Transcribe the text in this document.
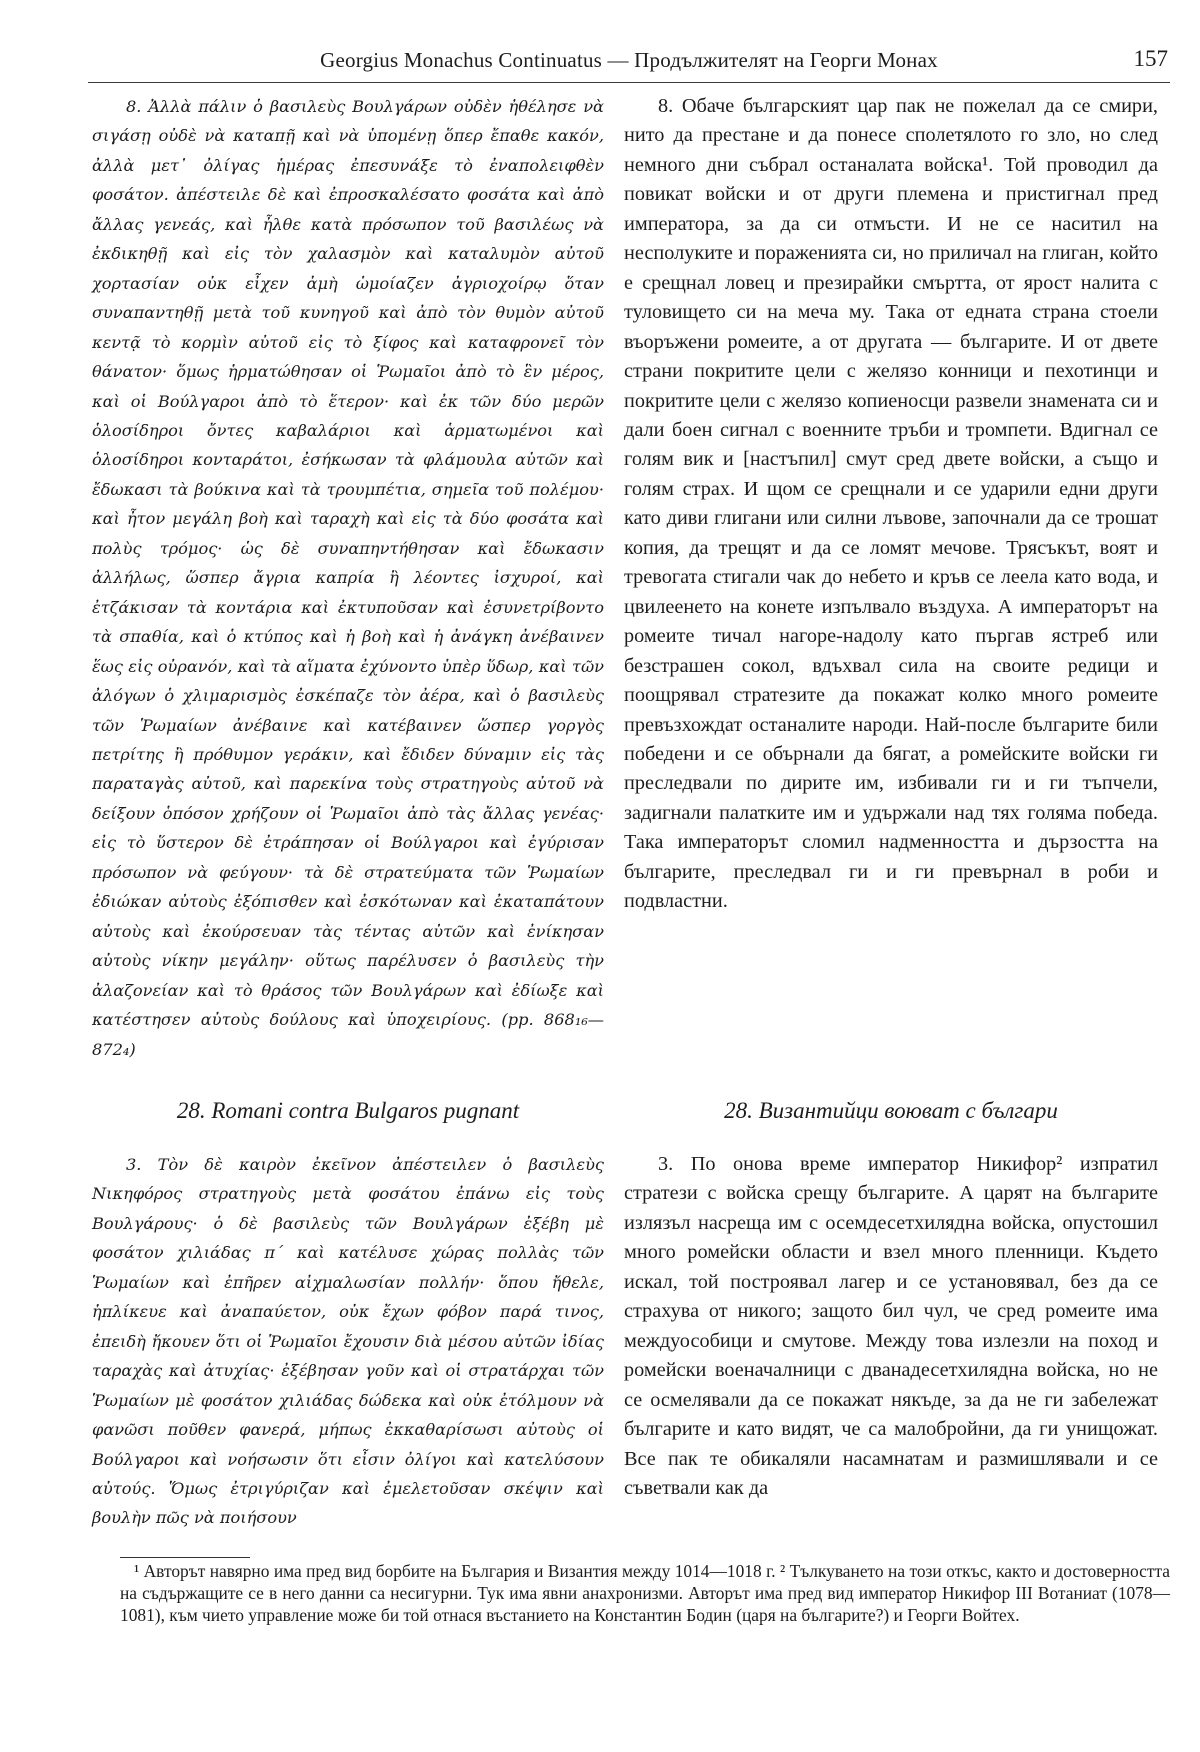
Georgius Monachus Continuatus — Продължителят на Георги Монах	157

8. Ἀλλὰ πάλιν ὁ βασιλεὺς Βουλγάρων οὐδὲν ἠθέλησε νὰ σιγάσῃ οὐδὲ νὰ καταπῇ καὶ νὰ ὑπομένῃ ὅπερ ἔπαθε κακόν, ἀλλὰ μετ᾿ ὀλίγας ἡμέρας ἐπεσυνάξε τὸ ἐναπολειφθὲν φοσάτον. ἀπέστειλε δὲ καὶ ἐπροσκαλέσατο φοσάτα καὶ ἀπὸ ἄλλας γενεάς, καὶ ἦλθε κατὰ πρόσωπον τοῦ βασιλέως νὰ ἐκδικηθῇ καὶ εἰς τὸν χαλασμὸν καὶ καταλυμὸν αὐτοῦ χορτασίαν οὐκ εἶχεν ἀμὴ ὡμοίαζεν ἀγριοχοίρῳ ὅταν συναπαντηθῇ μετὰ τοῦ κυνηγοῦ καὶ ἀπὸ τὸν θυμὸν αὐτοῦ κεντᾷ τὸ κορμὶν αὐτοῦ εἰς τὸ ξίφος καὶ καταφρονεῖ τὸν θάνατον· ὅμως ἡρματώθησαν οἱ Ῥωμαῖοι ἀπὸ τὸ ἓν μέρος, καὶ οἱ Βούλγαροι ἀπὸ τὸ ἕτερον· καὶ ἐκ τῶν δύο μερῶν ὁλοσίδηροι ὄντες καβαλάριοι καὶ ἁρματωμένοι καὶ ὁλοσίδηροι κονταράτοι, ἐσήκωσαν τὰ φλάμουλα αὐτῶν καὶ ἔδωκασι τὰ βούκινα καὶ τὰ τρουμπέτια, σημεῖα τοῦ πολέμου· καὶ ἦτον μεγάλη βοὴ καὶ ταραχὴ καὶ εἰς τὰ δύο φοσάτα καὶ πολὺς τρόμος· ὡς δὲ συναπηντήθησαν καὶ ἔδωκασιν ἀλλήλως, ὥσπερ ἄγρια καπρία ἢ λέοντες ἰσχυροί, καὶ ἐτζάκισαν τὰ κοντάρια καὶ ἐκτυποῦσαν καὶ ἐσυνετρίβοντο τὰ σπαθία, καὶ ὁ κτύπος καὶ ἡ βοὴ καὶ ἡ ἀνάγκη ἀνέβαινεν ἕως εἰς οὐρανόν, καὶ τὰ αἵματα ἐχύνοντο ὑπὲρ ὕδωρ, καὶ τῶν ἀλόγων ὁ χλιμαρισμὸς ἐσκέπαζε τὸν ἀέρα, καὶ ὁ βασιλεὺς τῶν Ῥωμαίων ἀνέβαινε καὶ κατέβαινεν ὥσπερ γοργὸς πετρίτης ἢ πρόθυμον γεράκιν, καὶ ἔδιδεν δύναμιν εἰς τὰς παραταγὰς αὐτοῦ, καὶ παρεκίνα τοὺς στρατηγοὺς αὐτοῦ νὰ δείξουν ὁπόσον χρήζουν οἱ Ῥωμαῖοι ἀπὸ τὰς ἄλλας γενέας· εἰς τὸ ὕστερον δὲ ἐτράπησαν οἱ Βούλγαροι καὶ ἐγύρισαν πρόσωπον νὰ φεύγουν· τὰ δὲ στρατεύματα τῶν Ῥωμαίων ἐδιώκαν αὐτοὺς ἐξόπισθεν καὶ ἐσκότωναν καὶ ἐκαταπάτουν αὐτοὺς καὶ ἐκούρσευαν τὰς τέντας αὐτῶν καὶ ἐνίκησαν αὐτοὺς νίκην μεγάλην· οὕτως παρέλυσεν ὁ βασιλεὺς τὴν ἀλαζονείαν καὶ τὸ θράσος τῶν Βουλγάρων καὶ ἐδίωξε καὶ κατέστησεν αὐτοὺς δούλους καὶ ὑποχειρίους. (pp. 868₁₆—872₄)

8. Обаче българският цар пак не пожелал да се смири, нито да престане и да понесе сполетялото го зло, но след немного дни събрал останалата войска¹. Той проводил да повикат войски и от други племена и пристигнал пред императора, за да си отмъсти. И не се наситил на несполуките и пораженията си, но приличал на глиган, който е срещнал ловец и презирайки смъртта, от ярост налита с туловището си на меча му. Така от едната страна стоели въоръжени ромеите, а от другата — българите. И от двете страни покритите цели с желязо конници и пехотинци и покритите цели с желязо копиеносци развели знамената си и дали боен сигнал с военните тръби и тромпети. Вдигнал се голям вик и [настъпил] смут сред двете войски, а също и голям страх. И щом се срещнали и се ударили едни други като диви глигани или силни лъвове, започнали да се трошат копия, да трещят и да се ломят мечове. Трясъкът, воят и тревогата стигали чак до небето и кръв се леела като вода, и цвилеенето на конете изпълвало въздуха. А императорът на ромеите тичал нагоре-надолу като пъргав ястреб или безстрашен сокол, вдъхвал сила на своите редици и поощрявал стратезите да покажат колко много ромеите превъзхождат останалите народи. Най-после българите били победени и се обърнали да бягат, а ромейските войски ги преследвали по дирите им, избивали ги и ги тъпчели, задигнали палатките им и удържали над тях голяма победа. Така императорът сломил надменността и дързостта на българите, преследвал ги и ги превърнал в роби и подвластни.

28. Romani contra Bulgaros pugnant	28. Византийци воюват с българи

3. Τὸν δὲ καιρὸν ἐκεῖνον ἀπέστειλεν ὁ βασιλεὺς Νικηφόρος στρατηγοὺς μετὰ φοσάτου ἐπάνω εἰς τοὺς Βουλγάρους· ὁ δὲ βασιλεὺς τῶν Βουλγάρων ἐξέβη μὲ φοσάτον χιλιάδας π´ καὶ κατέλυσε χώρας πολλὰς τῶν Ῥωμαίων καὶ ἐπῆρεν αἰχμαλωσίαν πολλήν· ὅπου ἤθελε, ἡπλίκευε καὶ ἀναπαύετον, οὐκ ἔχων φόβον παρά τινος, ἐπειδὴ ἤκουεν ὅτι οἱ Ῥωμαῖοι ἔχουσιν διὰ μέσου αὐτῶν ἰδίας ταραχὰς καὶ ἀτυχίας· ἐξέβησαν γοῦν καὶ οἱ στρατάρχαι τῶν Ῥωμαίων μὲ φοσάτον χιλιάδας δώδεκα καὶ οὐκ ἐτόλμουν νὰ φανῶσι ποῦθεν φανερά, μήπως ἐκκαθαρίσωσι αὐτοὺς οἱ Βούλγαροι καὶ νοήσωσιν ὅτι εἶσιν ὀλίγοι καὶ κατελύσουν αὐτούς. Ὅμως ἐτριγύριζαν καὶ ἐμελετοῦσαν σκέψιν καὶ βουλὴν πῶς νὰ ποιήσουν

3. По онова време император Никифор² изпратил стратези с войска срещу българите. А царят на българите излязъл насреща им с осемдесетхилядна войска, опустошил много ромейски области и взел много пленници. Където искал, той построявал лагер и се установявал, без да се страхува от никого; защото бил чул, че сред ромеите има междуособици и смутове. Между това излезли на поход и ромейски военачалници с дванадесетхилядна войска, но не се осмелявали да се покажат някъде, за да не ги забележат българите и като видят, че са малобройни, да ги унищожат. Все пак те обикаляли насамнатам и размишлявали и се съветвали как да

¹ Авторът навярно има пред вид борбите на България и Византия между 1014—1018 г. ² Тълкуването на този откъс, както и достоверността на съдържащите се в него данни са несигурни. Тук има явни анахронизми. Авторът има пред вид император Никифор III Вотаниат (1078—1081), към чието управление може би той отнася въстанието на Константин Бодин (царя на българите?) и Георги Войтех.
